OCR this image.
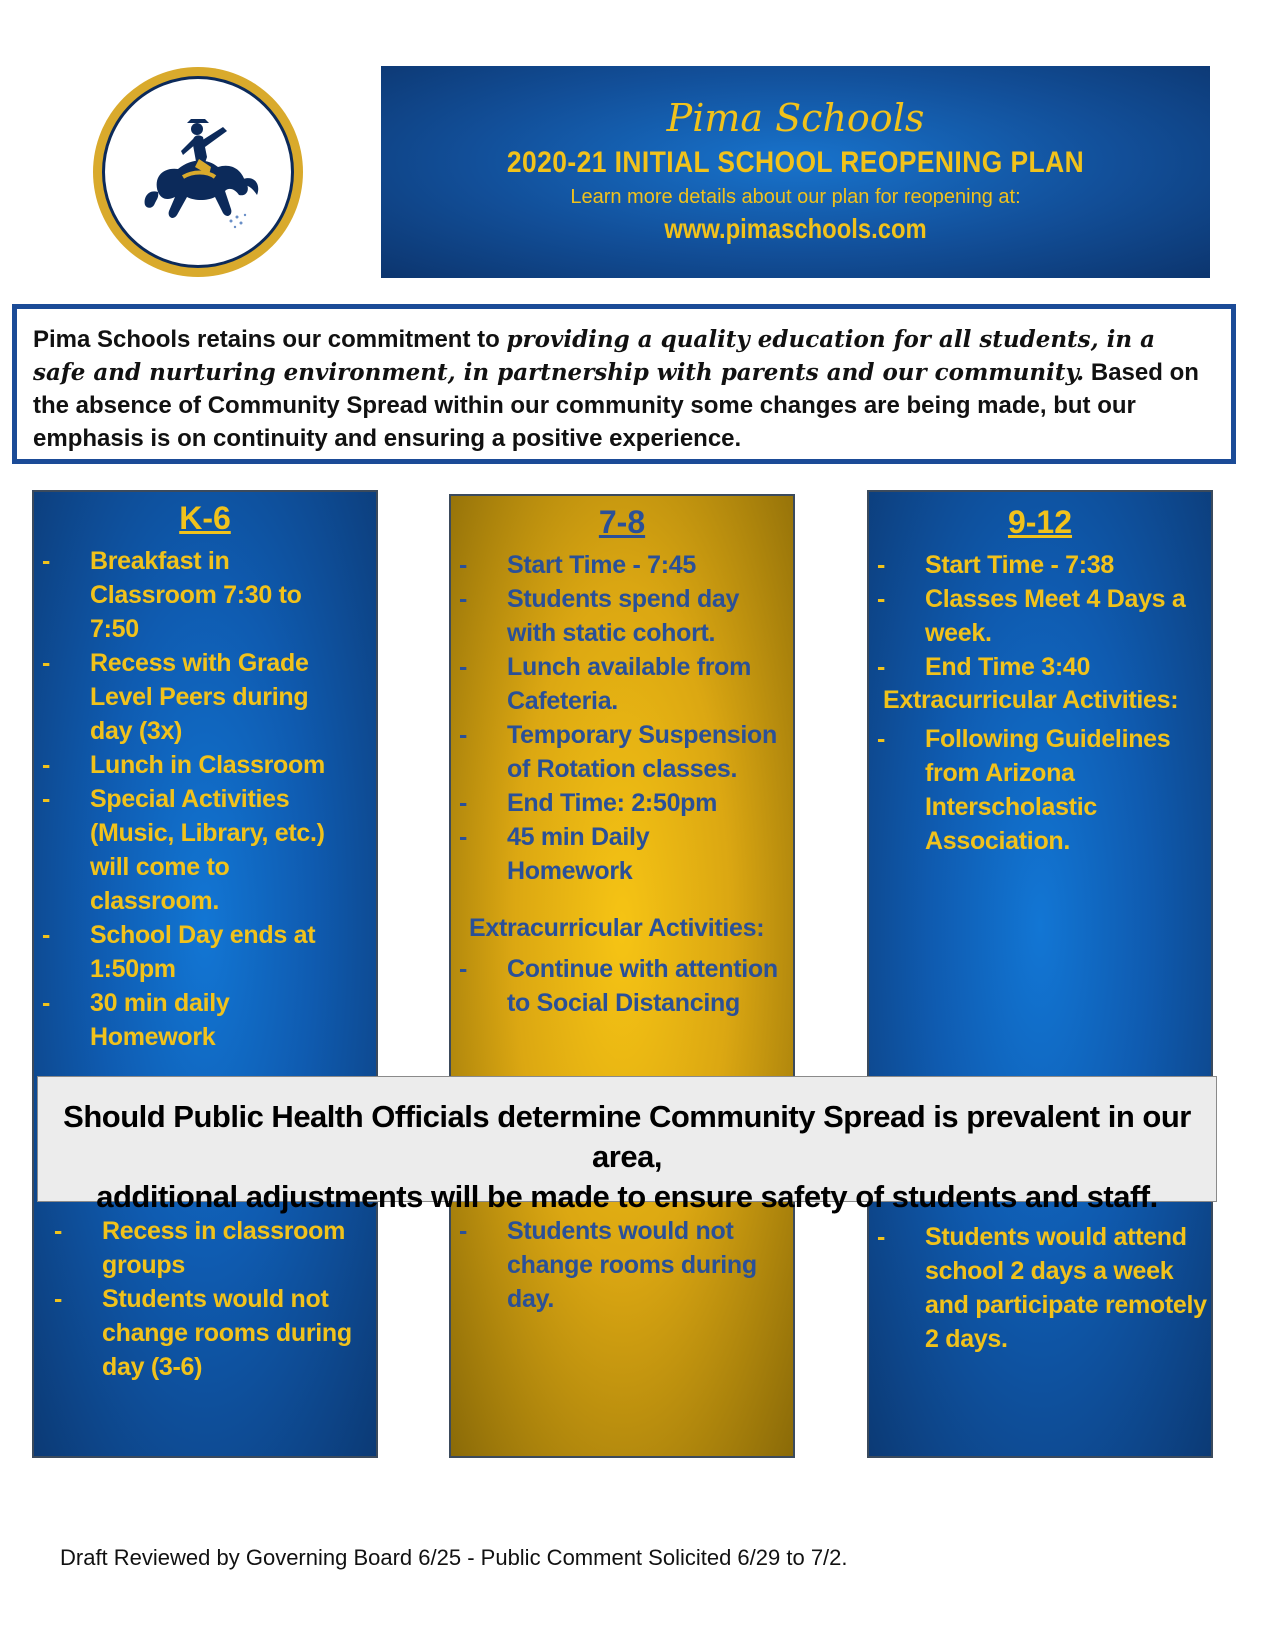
Pima Schools
2020-21 INITIAL SCHOOL REOPENING PLAN
Learn more details about our plan for reopening at:
www.pimaschools.com
Pima Schools retains our commitment to providing a quality education for all students, in a safe and nurturing environment, in partnership with parents and our community. Based on the absence of Community Spread within our community some changes are being made, but our emphasis is on continuity and ensuring a positive experience.
K-6
- Breakfast in Classroom 7:30 to 7:50
- Recess with Grade Level Peers during day (3x)
- Lunch in Classroom
- Special Activities (Music, Library, etc.) will come to classroom.
- School Day ends at 1:50pm
- 30 min daily Homework
- Recess in classroom groups
- Students would not change rooms during day (3-6)
7-8
- Start Time - 7:45
- Students spend day with static cohort.
- Lunch available from Cafeteria.
- Temporary Suspension of Rotation classes.
- End Time: 2:50pm
- 45 min Daily Homework
Extracurricular Activities:
- Continue with attention to Social Distancing
- Students would not change rooms during day.
9-12
- Start Time - 7:38
- Classes Meet 4 Days a week.
- End Time 3:40
Extracurricular Activities:
- Following Guidelines from Arizona Interscholastic Association.
- Students would attend school 2 days a week and participate remotely 2 days.
Should Public Health Officials determine Community Spread is prevalent in our area,
additional adjustments will be made to ensure safety of students and staff.
Draft Reviewed by Governing Board 6/25 - Public Comment Solicited 6/29 to 7/2.
